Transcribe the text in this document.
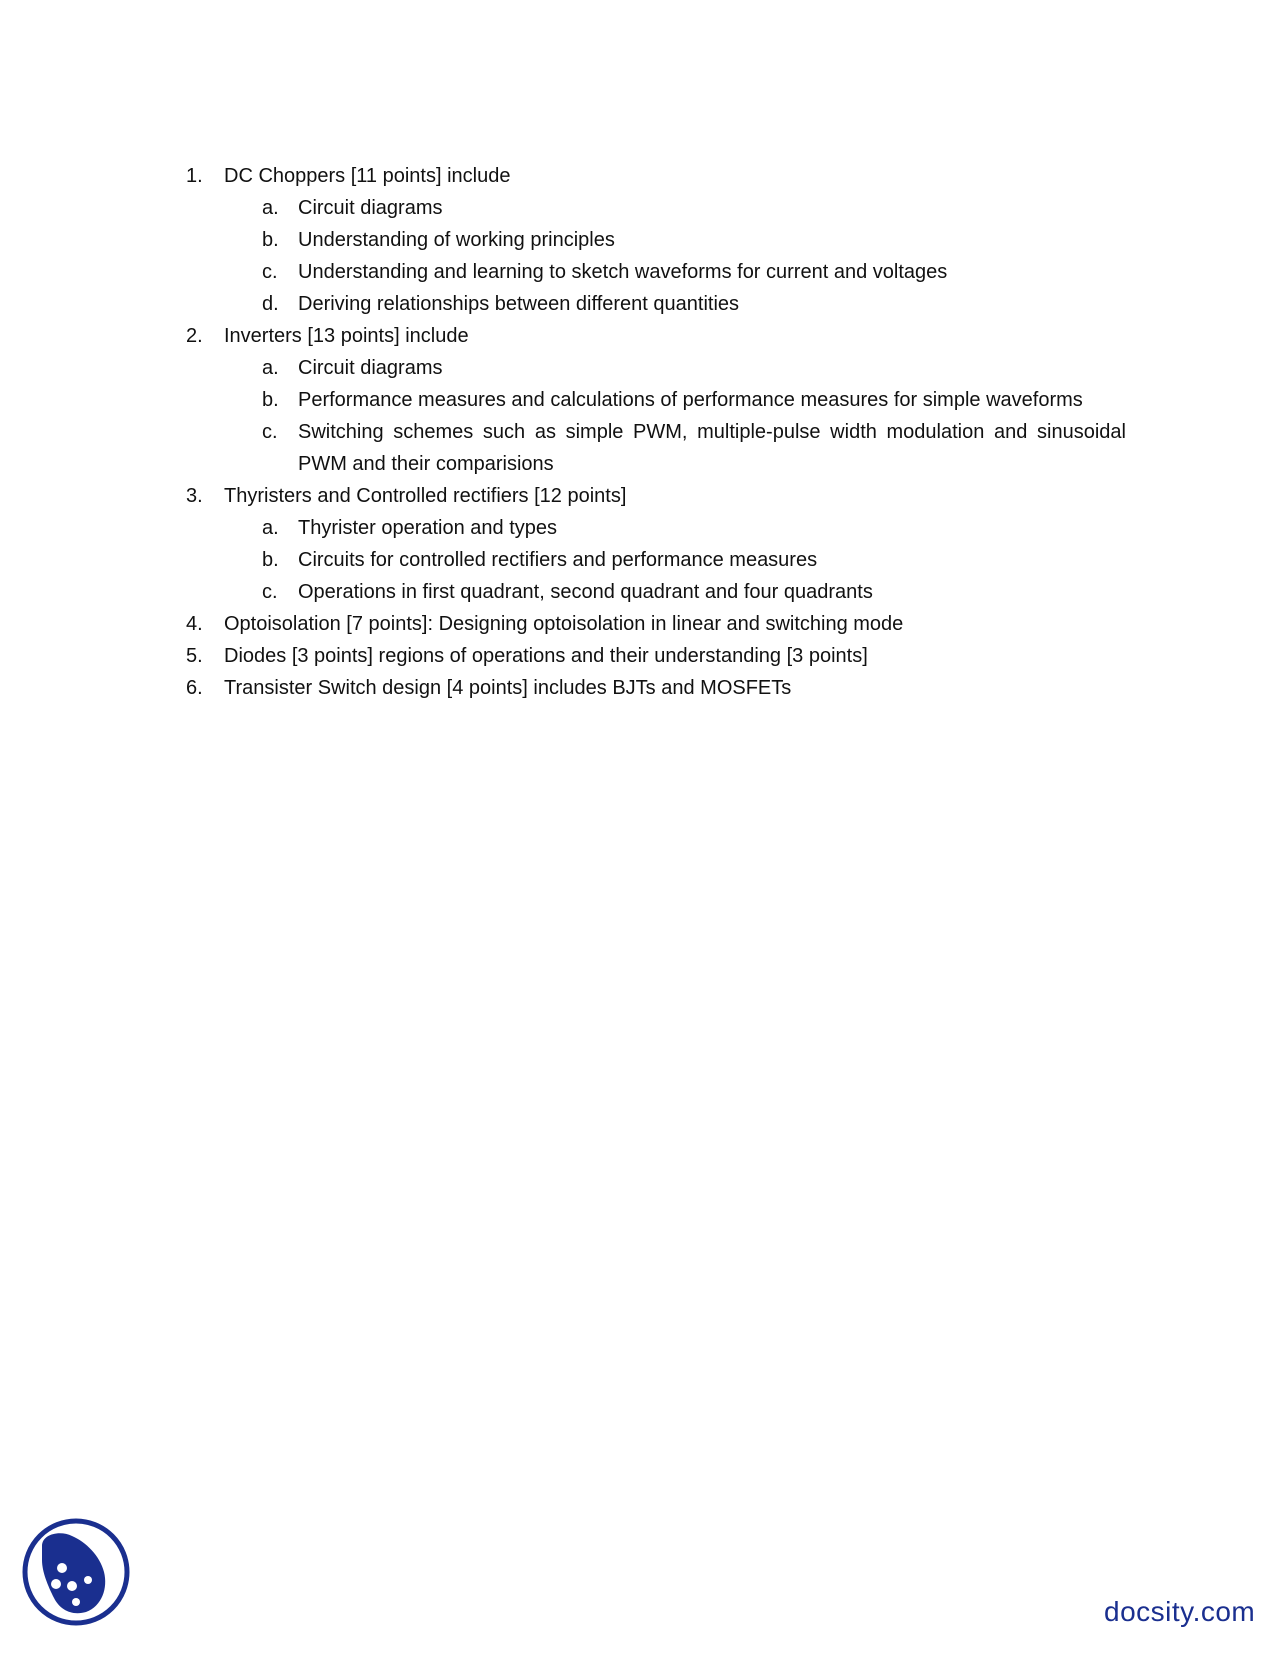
1.	DC Choppers [11 points] include
a. Circuit diagrams
b. Understanding of working principles
c.	Understanding and learning to sketch waveforms for current and voltages
d. Deriving relationships between different quantities
2.	Inverters [13 points] include
a. Circuit diagrams
b. Performance measures and calculations of performance measures for simple waveforms
c.	Switching schemes such as simple PWM, multiple-pulse width modulation and sinusoidal PWM and their comparisions
3.	Thyristers and Controlled rectifiers [12 points]
a. Thyrister operation and types
b. Circuits for controlled rectifiers and performance measures
c.	Operations in first quadrant, second quadrant and four quadrants
4.	Optoisolation [7 points]: Designing optoisolation in linear and switching mode
5.	Diodes [3 points] regions of operations and their understanding [3 points]
6.	Transister Switch design [4 points] includes BJTs and MOSFETs
docsity.com
